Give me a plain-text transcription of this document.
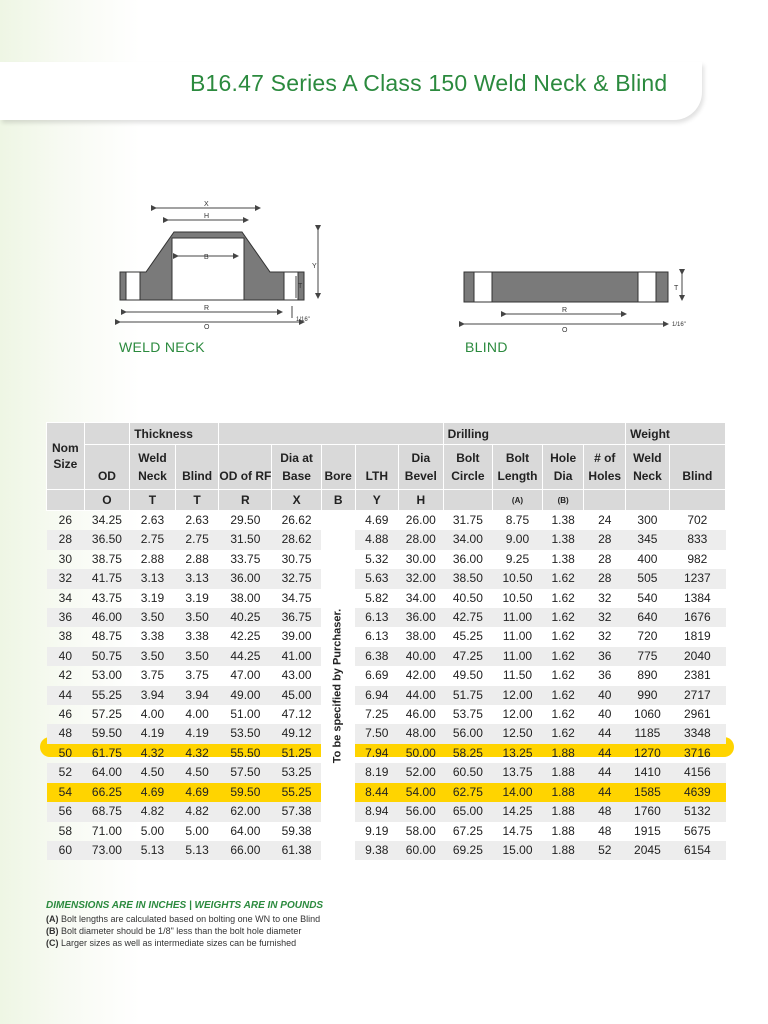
B16.47 Series A Class 150 Weld Neck & Blind
X
H
B
Y
T
R
O
1/16"
WELD NECK
T
R
O
1/16"
BLIND
Nom Size		Thickness							Drilling				Weight	
	OD	Weld Neck	Blind	OD of RF	Dia at Base	Bore	LTH	Dia Bevel	Bolt Circle	Bolt Length	Hole Dia	# of Holes	Weld Neck	Blind
	O	T	T	R	X	B	Y	H		(A)	(B)			
26	34.25	2.63	2.63	29.50	26.62	To be specified by Purchaser.	4.69	26.00	31.75	8.75	1.38	24	300	702
28	36.50	2.75	2.75	31.50	28.62		4.88	28.00	34.00	9.00	1.38	28	345	833
30	38.75	2.88	2.88	33.75	30.75		5.32	30.00	36.00	9.25	1.38	28	400	982
32	41.75	3.13	3.13	36.00	32.75		5.63	32.00	38.50	10.50	1.62	28	505	1237
34	43.75	3.19	3.19	38.00	34.75		5.82	34.00	40.50	10.50	1.62	32	540	1384
36	46.00	3.50	3.50	40.25	36.75		6.13	36.00	42.75	11.00	1.62	32	640	1676
38	48.75	3.38	3.38	42.25	39.00		6.13	38.00	45.25	11.00	1.62	32	720	1819
40	50.75	3.50	3.50	44.25	41.00		6.38	40.00	47.25	11.00	1.62	36	775	2040
42	53.00	3.75	3.75	47.00	43.00		6.69	42.00	49.50	11.50	1.62	36	890	2381
44	55.25	3.94	3.94	49.00	45.00		6.94	44.00	51.75	12.00	1.62	40	990	2717
46	57.25	4.00	4.00	51.00	47.12		7.25	46.00	53.75	12.00	1.62	40	1060	2961
48	59.50	4.19	4.19	53.50	49.12		7.50	48.00	56.00	12.50	1.62	44	1185	3348
50	61.75	4.32	4.32	55.50	51.25		7.94	50.00	58.25	13.25	1.88	44	1270	3716
52	64.00	4.50	4.50	57.50	53.25		8.19	52.00	60.50	13.75	1.88	44	1410	4156
54	66.25	4.69	4.69	59.50	55.25		8.44	54.00	62.75	14.00	1.88	44	1585	4639
56	68.75	4.82	4.82	62.00	57.38		8.94	56.00	65.00	14.25	1.88	48	1760	5132
58	71.00	5.00	5.00	64.00	59.38		9.19	58.00	67.25	14.75	1.88	48	1915	5675
60	73.00	5.13	5.13	66.00	61.38		9.38	60.00	69.25	15.00	1.88	52	2045	6154
DIMENSIONS ARE IN INCHES | WEIGHTS ARE IN POUNDS
(A) Bolt lengths are calculated based on bolting one WN to one Blind
(B) Bolt diameter should be 1/8" less than the bolt hole diameter
(C) Larger sizes as well as intermediate sizes can be furnished
